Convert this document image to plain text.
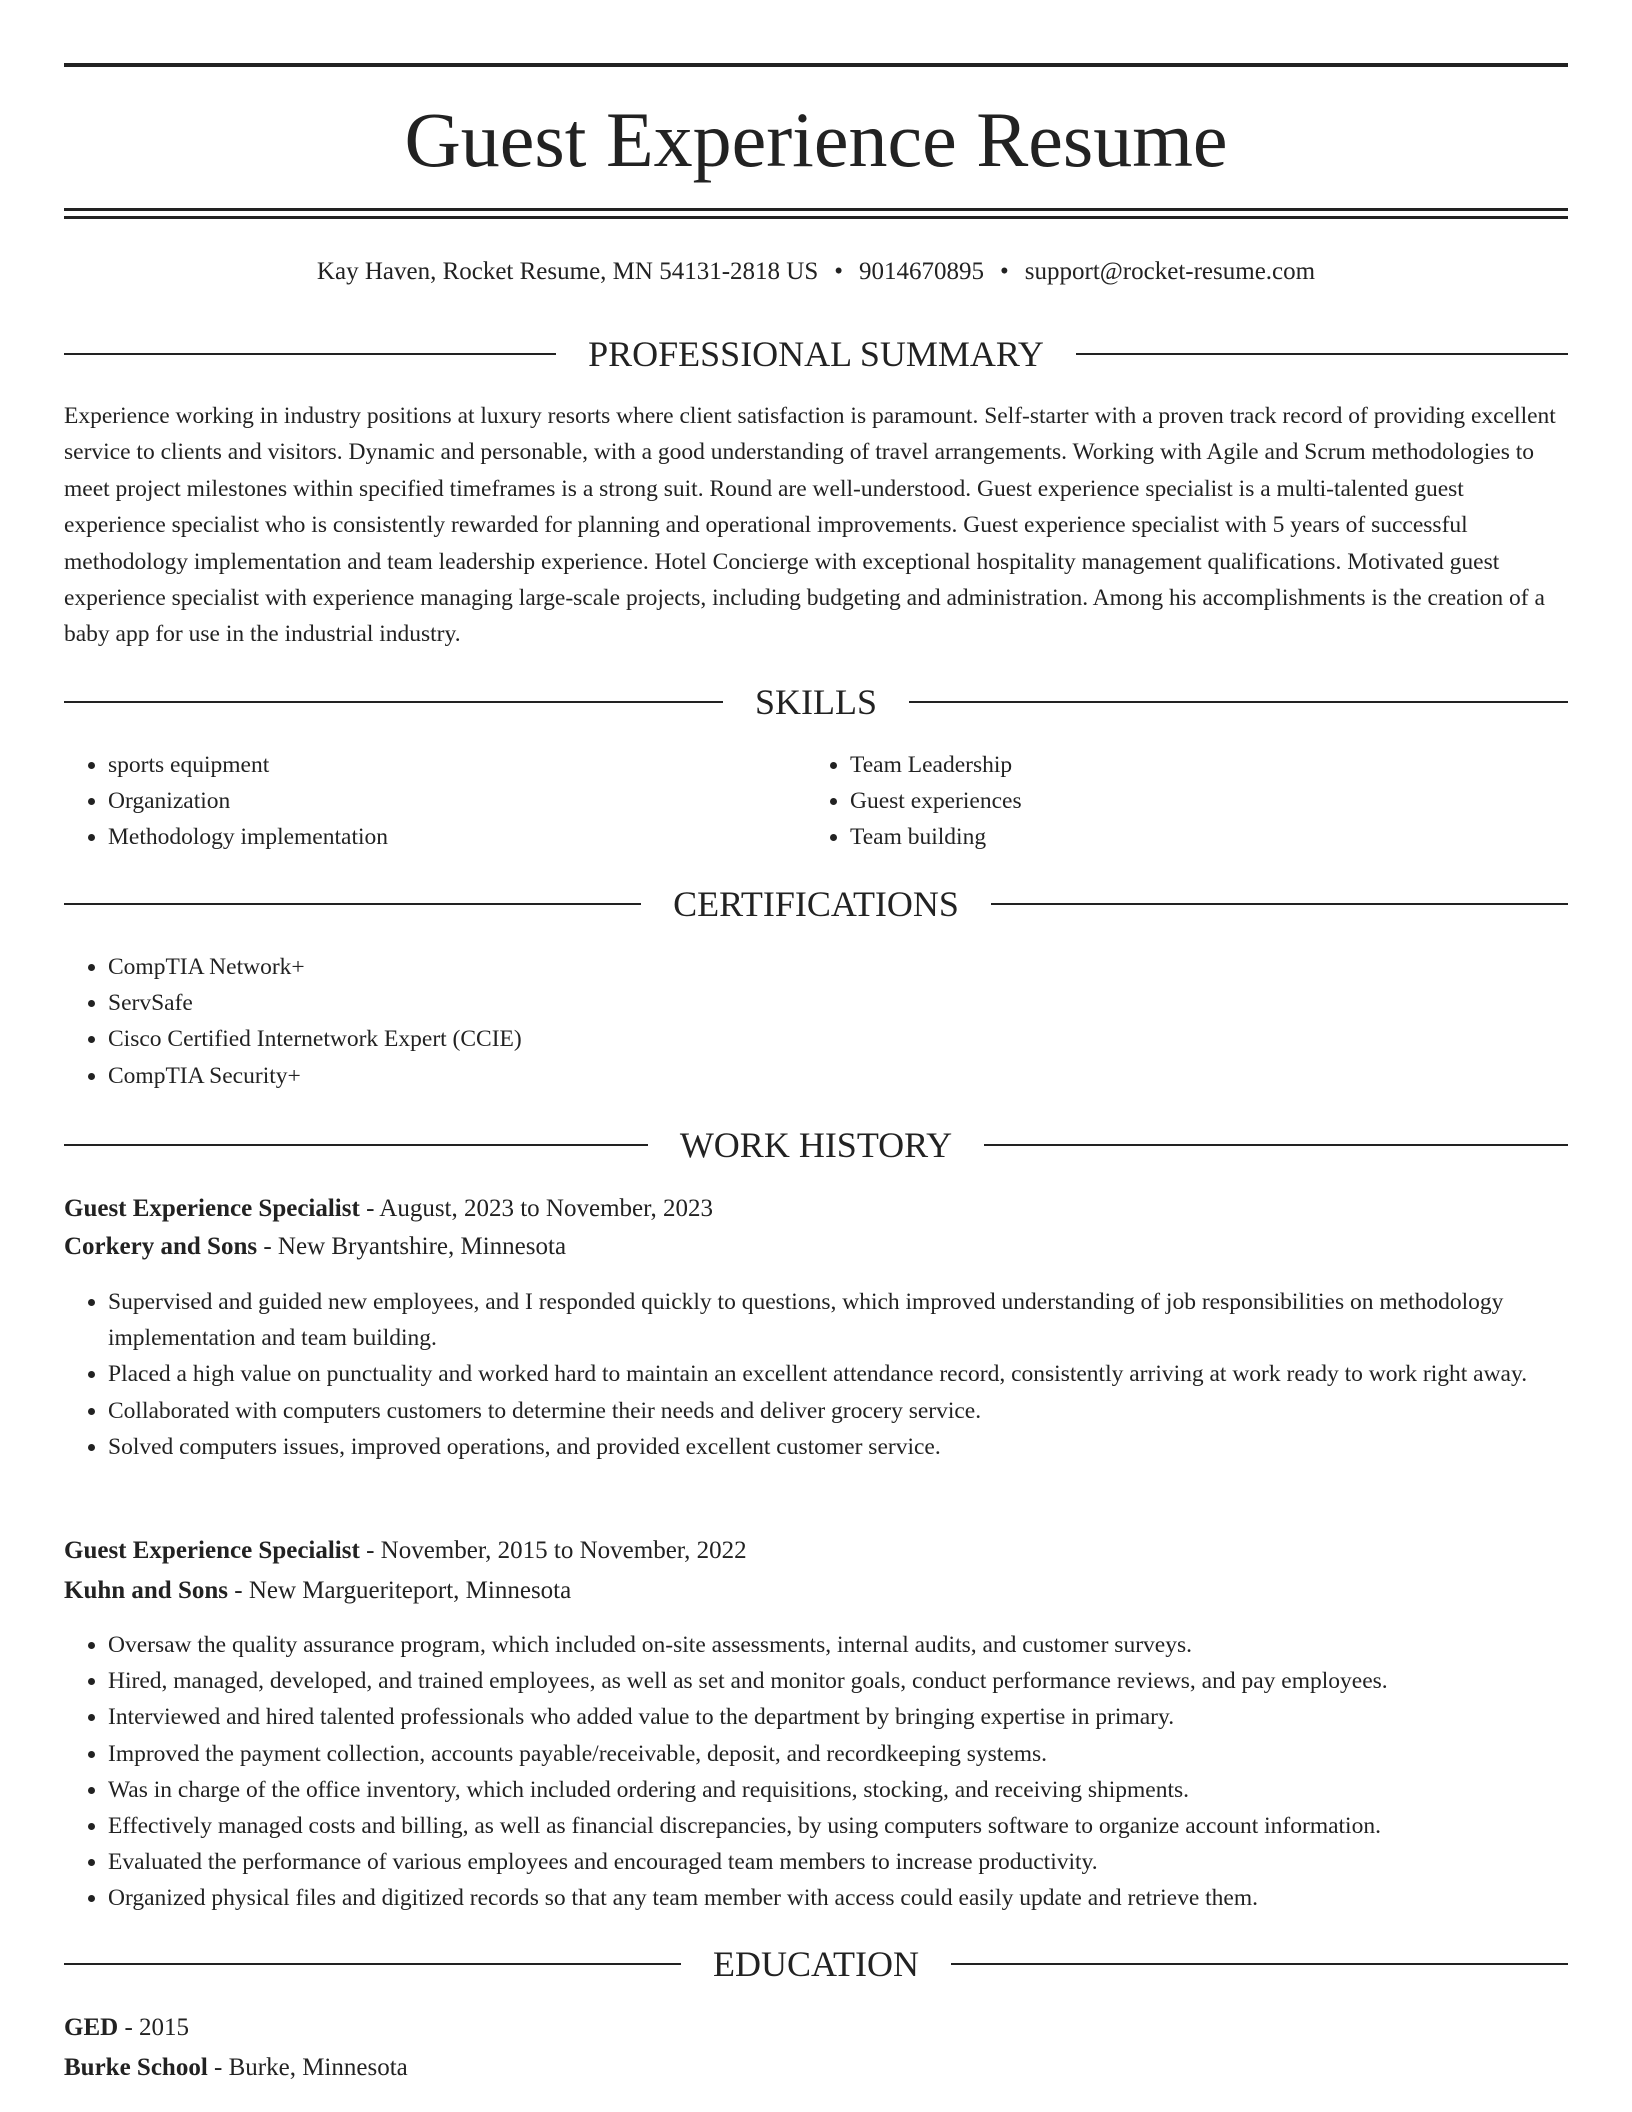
Guest Experience Resume
Kay Haven, Rocket Resume, MN 54131-2818 US • 9014670895 • support@rocket-resume.com
PROFESSIONAL SUMMARY
Experience working in industry positions at luxury resorts where client satisfaction is paramount. Self-starter with a proven track record of providing excellent service to clients and visitors. Dynamic and personable, with a good understanding of travel arrangements. Working with Agile and Scrum methodologies to meet project milestones within specified timeframes is a strong suit. Round are well-understood. Guest experience specialist is a multi-talented guest experience specialist who is consistently rewarded for planning and operational improvements. Guest experience specialist with 5 years of successful methodology implementation and team leadership experience. Hotel Concierge with exceptional hospitality management qualifications. Motivated guest experience specialist with experience managing large-scale projects, including budgeting and administration. Among his accomplishments is the creation of a baby app for use in the industrial industry.
SKILLS
• sports equipment
• Organization
• Methodology implementation
• Team Leadership
• Guest experiences
• Team building
CERTIFICATIONS
• CompTIA Network+
• ServSafe
• Cisco Certified Internetwork Expert (CCIE)
• CompTIA Security+
WORK HISTORY
Guest Experience Specialist - August, 2023 to November, 2023
Corkery and Sons - New Bryantshire, Minnesota
• Supervised and guided new employees, and I responded quickly to questions, which improved understanding of job responsibilities on methodology implementation and team building.
• Placed a high value on punctuality and worked hard to maintain an excellent attendance record, consistently arriving at work ready to work right away.
• Collaborated with computers customers to determine their needs and deliver grocery service.
• Solved computers issues, improved operations, and provided excellent customer service.
Guest Experience Specialist - November, 2015 to November, 2022
Kuhn and Sons - New Margueriteport, Minnesota
• Oversaw the quality assurance program, which included on-site assessments, internal audits, and customer surveys.
• Hired, managed, developed, and trained employees, as well as set and monitor goals, conduct performance reviews, and pay employees.
• Interviewed and hired talented professionals who added value to the department by bringing expertise in primary.
• Improved the payment collection, accounts payable/receivable, deposit, and recordkeeping systems.
• Was in charge of the office inventory, which included ordering and requisitions, stocking, and receiving shipments.
• Effectively managed costs and billing, as well as financial discrepancies, by using computers software to organize account information.
• Evaluated the performance of various employees and encouraged team members to increase productivity.
• Organized physical files and digitized records so that any team member with access could easily update and retrieve them.
EDUCATION
GED - 2015
Burke School - Burke, Minnesota
